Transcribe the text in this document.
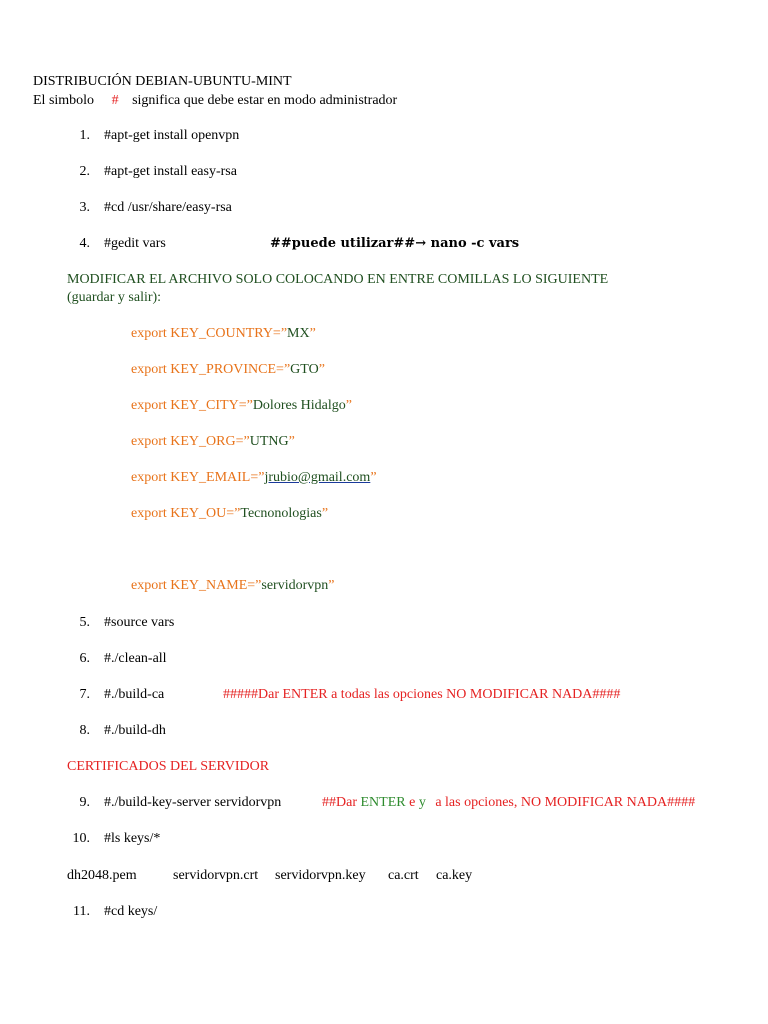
DISTRIBUCIÓN DEBIAN-UBUNTU-MINT
El simbolo # significa que debe estar en modo administrador
1. #apt-get install openvpn
2. #apt-get install easy-rsa
3. #cd /usr/share/easy-rsa
4. #gedit vars	##puede utilizar##→ nano -c vars
MODIFICAR EL ARCHIVO SOLO COLOCANDO EN ENTRE COMILLAS LO SIGUIENTE
(guardar y salir):
export KEY_COUNTRY=”MX”
export KEY_PROVINCE=”GTO”
export KEY_CITY=”Dolores Hidalgo”
export KEY_ORG=”UTNG”
export KEY_EMAIL=”jrubio@gmail.com”
export KEY_OU=”Tecnonologias”
export KEY_NAME=”servidorvpn”
5. #source vars
6. #./clean-all
7. #./build-ca	#####Dar ENTER a todas las opciones NO MODIFICAR NADA####
8. #./build-dh
CERTIFICADOS DEL SERVIDOR
9. #./build-key-server servidorvpn	##Dar ENTER e y a las opciones, NO MODIFICAR NADA####
10. #ls keys/*
dh2048.pem	servidorvpn.crt servidorvpn.key ca.crt ca.key
11. #cd keys/
